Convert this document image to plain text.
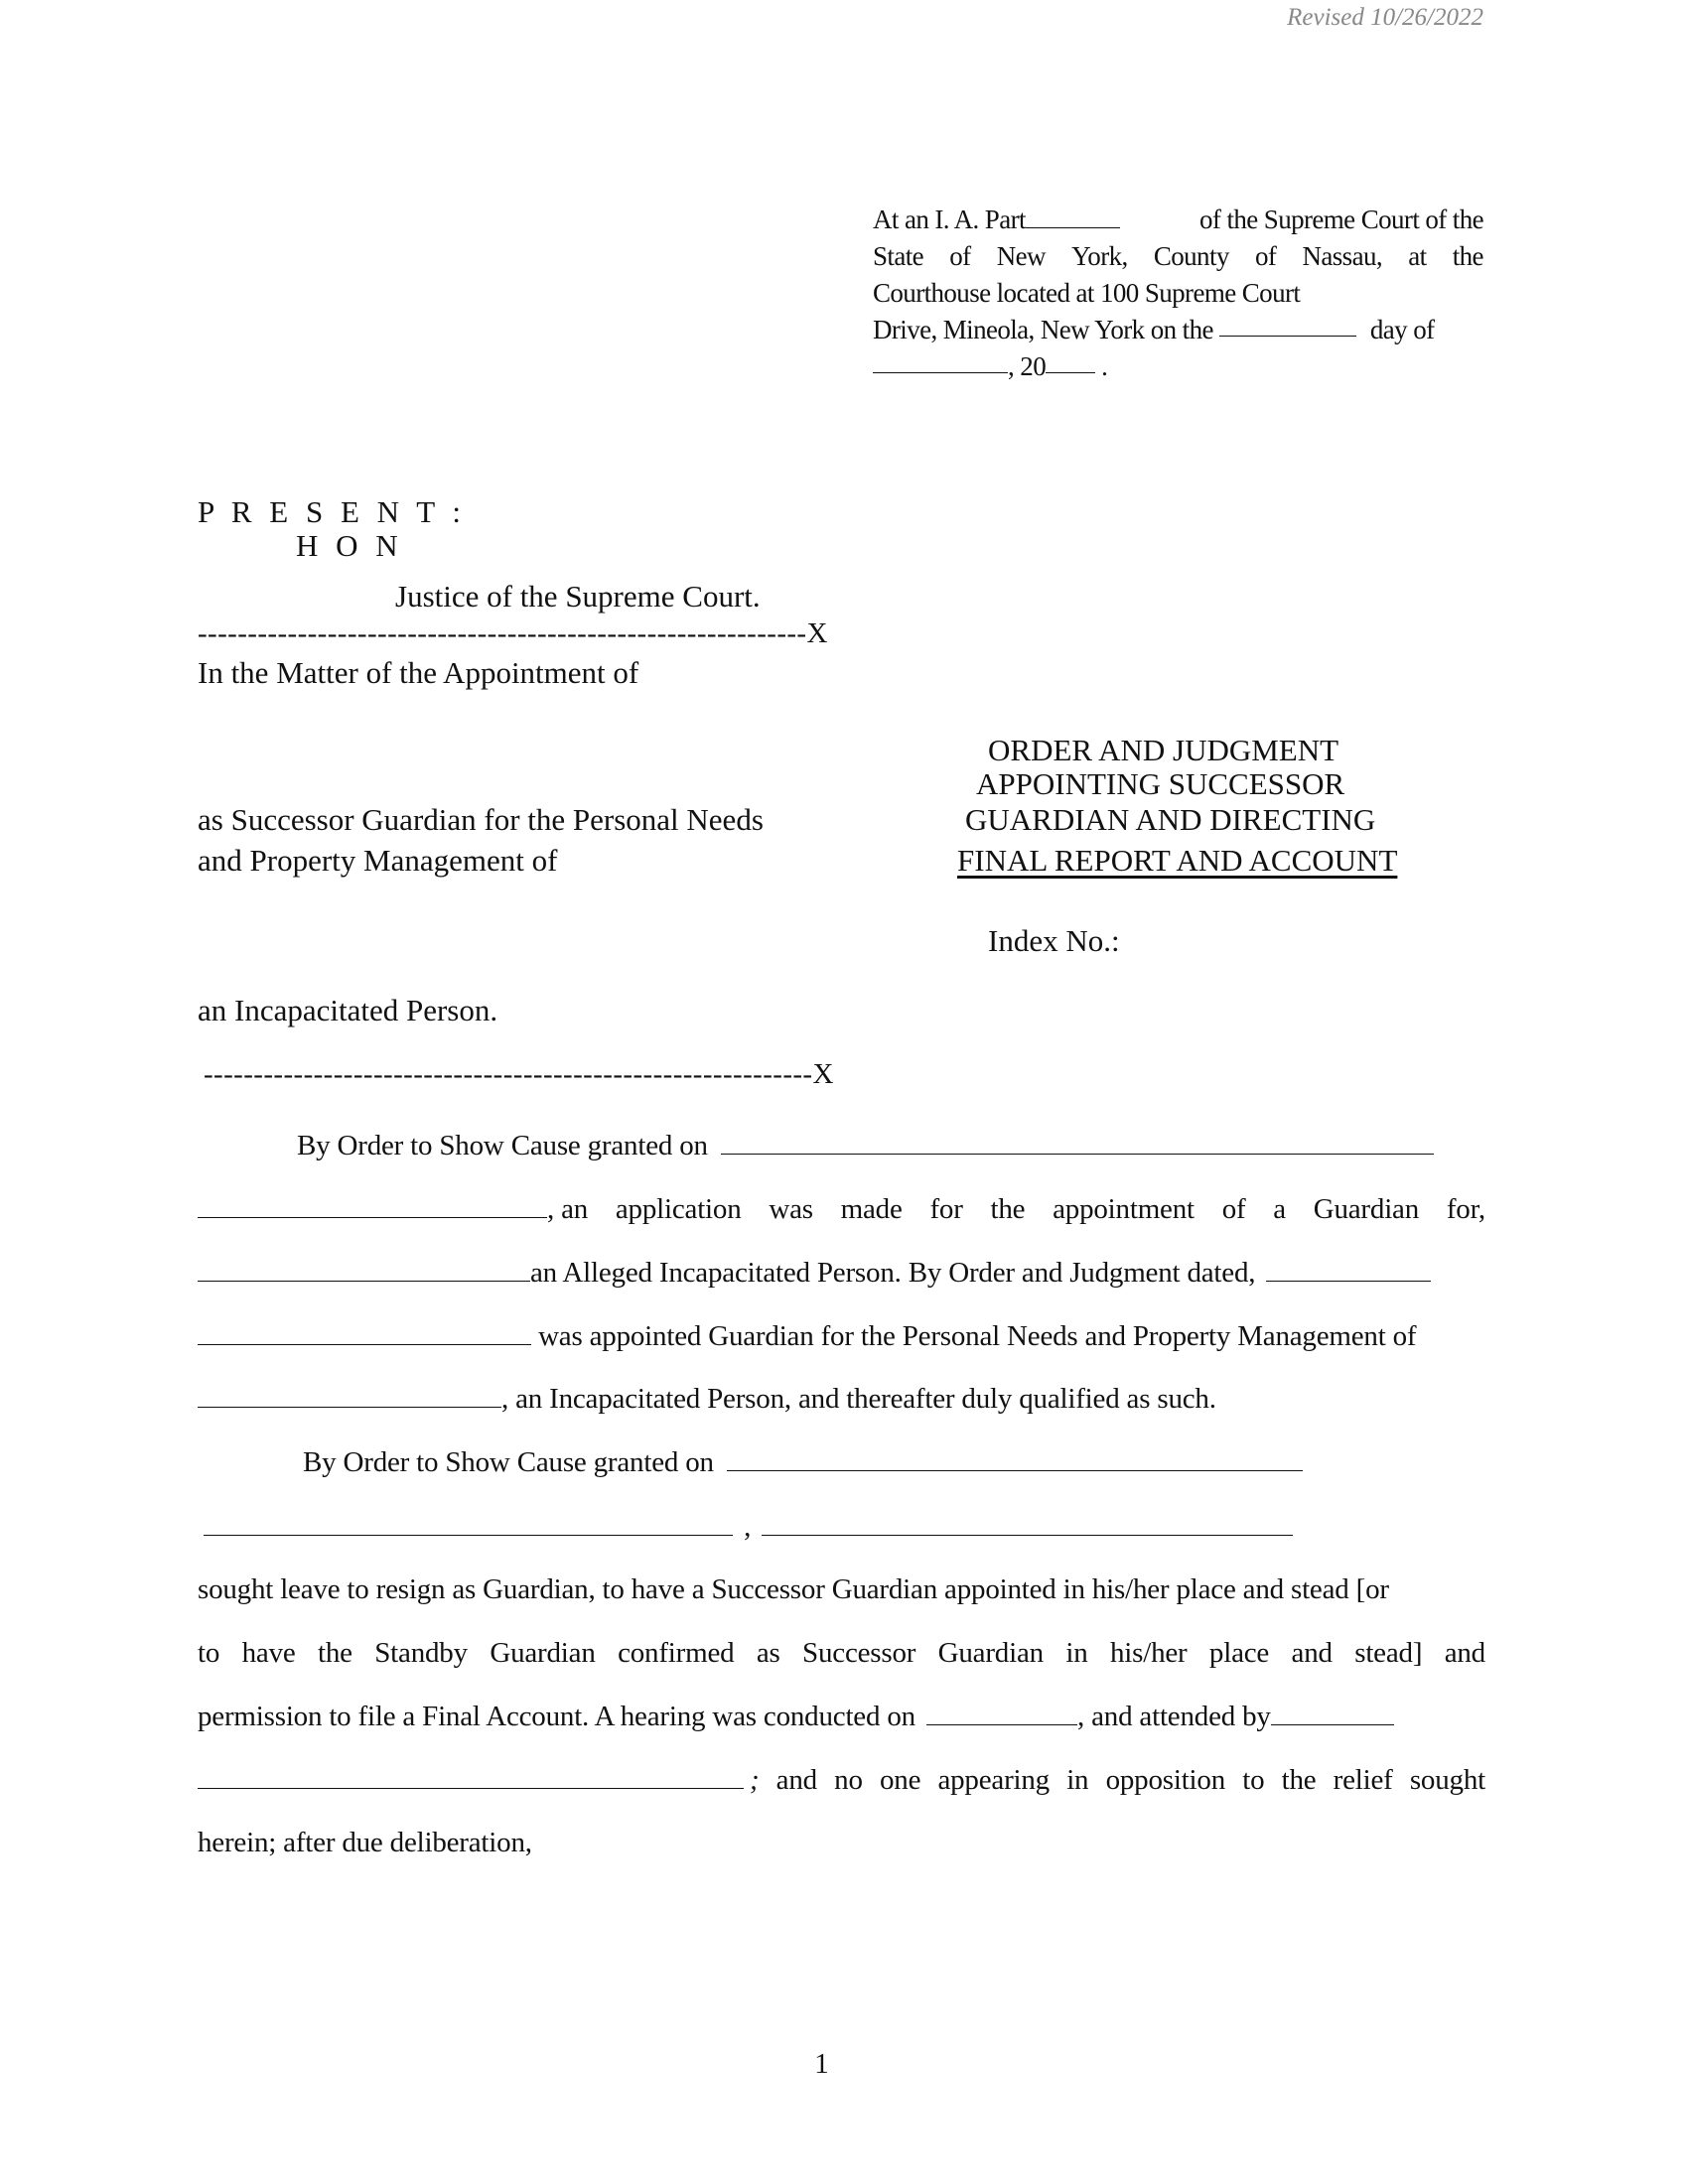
Revised 10/26/2022
At an I. A. Part	of the Supreme Court of the
State of New York, County of Nassau, at the
Courthouse located at 100 Supreme Court
Drive, Mineola, New York on the	day of
, 20 .
P R E S E N T :
H O N
Justice of the Supreme Court.
-------------------------------------------------------------X
In the Matter of the Appointment of
as Successor Guardian for the Personal Needs
and Property Management of
an Incapacitated Person.
-------------------------------------------------------------X
ORDER AND JUDGMENT
APPOINTING SUCCESSOR
GUARDIAN AND DIRECTING
FINAL REPORT AND ACCOUNT
Index No.:
By Order to Show Cause granted on
, an application was made for the appointment of a Guardian for,
an Alleged Incapacitated Person. By Order and Judgment dated,
was appointed Guardian for the Personal Needs and Property Management of
, an Incapacitated Person, and thereafter duly qualified as such.
By Order to Show Cause granted on
,
sought leave to resign as Guardian, to have a Successor Guardian appointed in his/her place and stead [or
to have the Standby Guardian confirmed as Successor Guardian in his/her place and stead] and
permission to file a Final Account. A hearing was conducted on	, and attended by
; and no one appearing in opposition to the relief sought
herein; after due deliberation,
1
